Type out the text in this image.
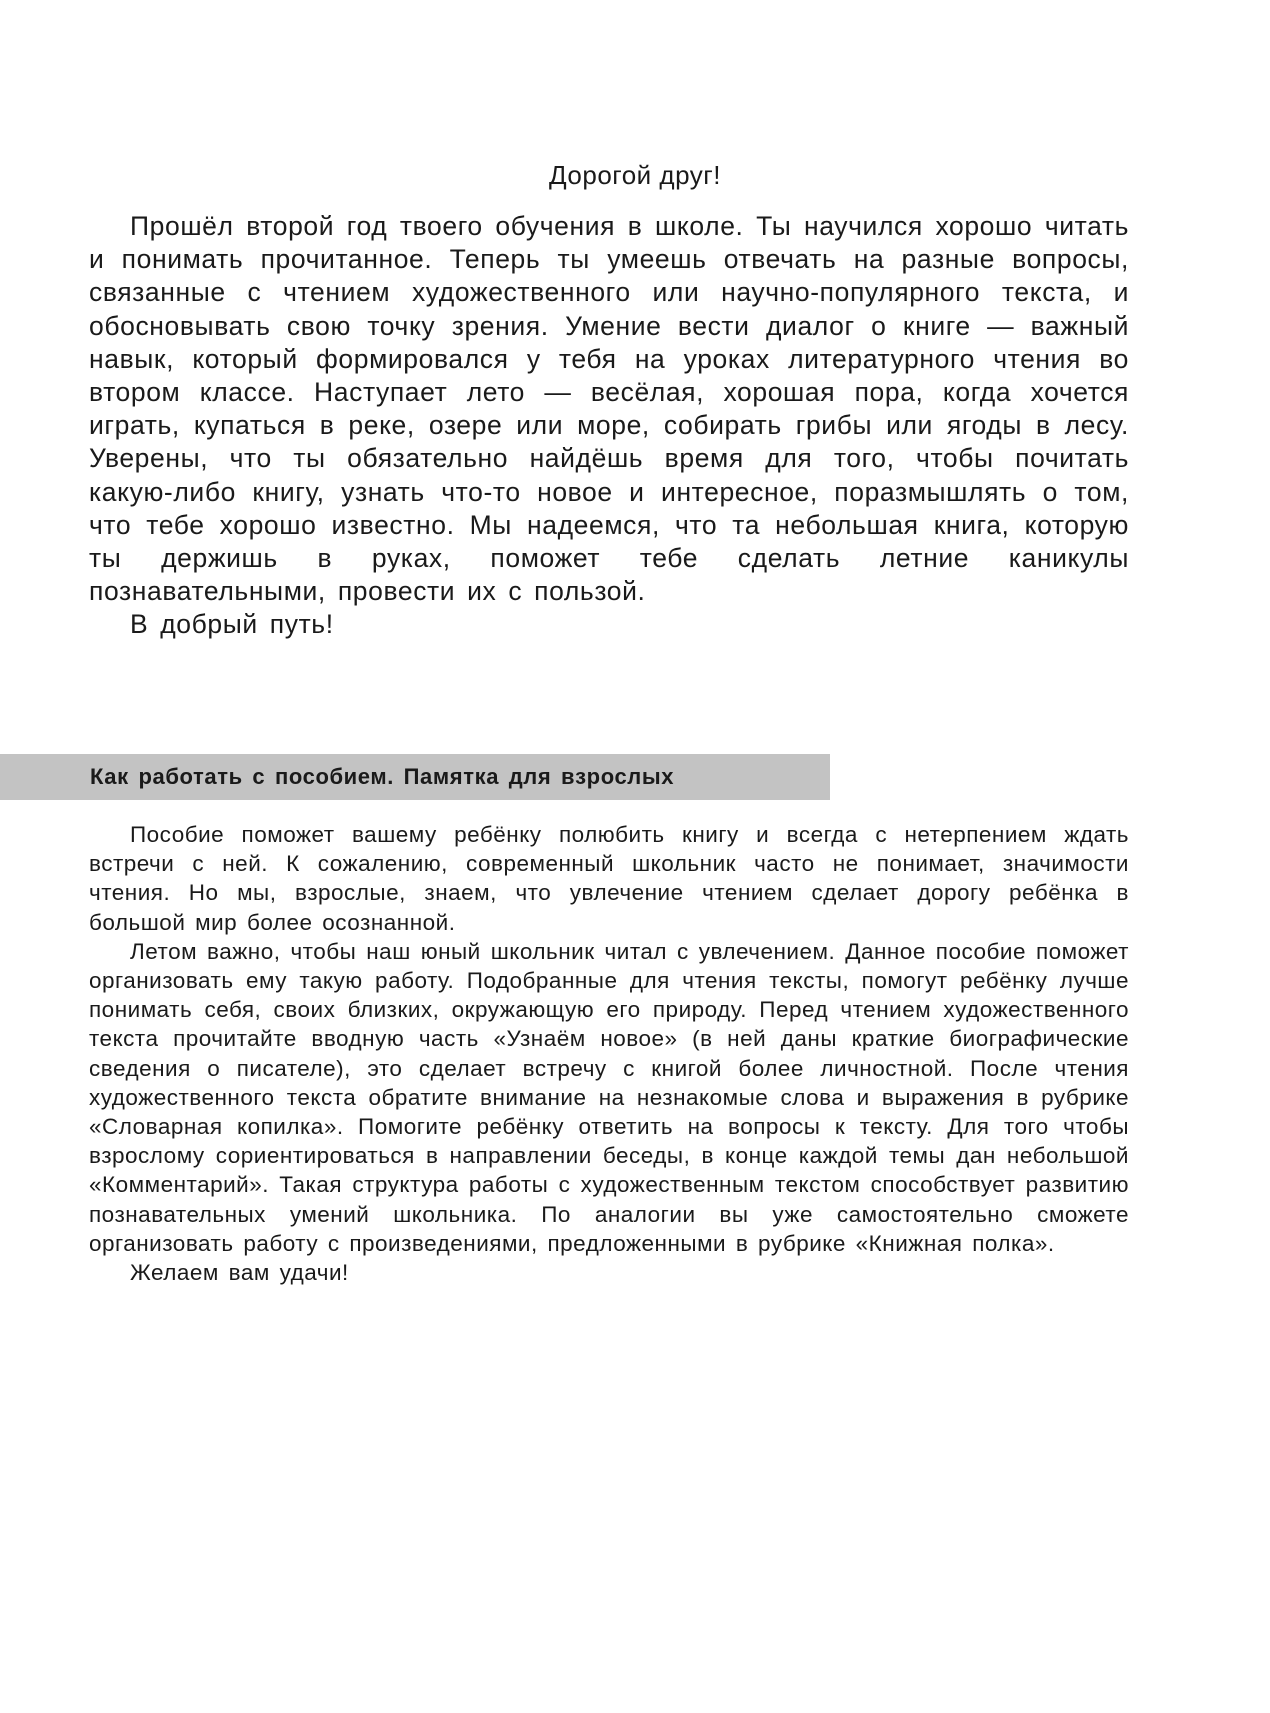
Дорогой друг!

Прошёл второй год твоего обучения в школе. Ты научился хорошо читать и понимать прочитанное. Теперь ты умеешь отвечать на разные вопросы, связанные с чтением художественного или научно-популярного текста, и обосновывать свою точку зрения. Умение вести диалог о книге — важный навык, который формировался у тебя на уроках литературного чтения во втором классе. Наступает лето — весёлая, хорошая пора, когда хочется играть, купаться в реке, озере или море, собирать грибы или ягоды в лесу. Уверены, что ты обязательно найдёшь время для того, чтобы почитать какую-либо книгу, узнать что-то новое и интересное, поразмышлять о том, что тебе хорошо известно. Мы надеемся, что та небольшая книга, которую ты держишь в руках, поможет тебе сделать летние каникулы познавательными, провести их с пользой.

В добрый путь!

Как работать с пособием. Памятка для взрослых

Пособие поможет вашему ребёнку полюбить книгу и всегда с нетерпением ждать встречи с ней. К сожалению, современный школьник часто не понимает, значимости чтения. Но мы, взрослые, знаем, что увлечение чтением сделает дорогу ребёнка в большой мир более осознанной.

Летом важно, чтобы наш юный школьник читал с увлечением. Данное пособие поможет организовать ему такую работу. Подобранные для чтения тексты, помогут ребёнку лучше понимать себя, своих близких, окружающую его природу. Перед чтением художественного текста прочитайте вводную часть «Узнаём новое» (в ней даны краткие биографические сведения о писателе), это сделает встречу с книгой более личностной. После чтения художественного текста обратите внимание на незнакомые слова и выражения в рубрике «Словарная копилка». Помогите ребёнку ответить на вопросы к тексту. Для того чтобы взрослому сориентироваться в направлении беседы, в конце каждой темы дан небольшой «Комментарий». Такая структура работы с художественным текстом способствует развитию познавательных умений школьника. По аналогии вы уже самостоятельно сможете организовать работу с произведениями, предложенными в рубрике «Книжная полка».

Желаем вам удачи!
